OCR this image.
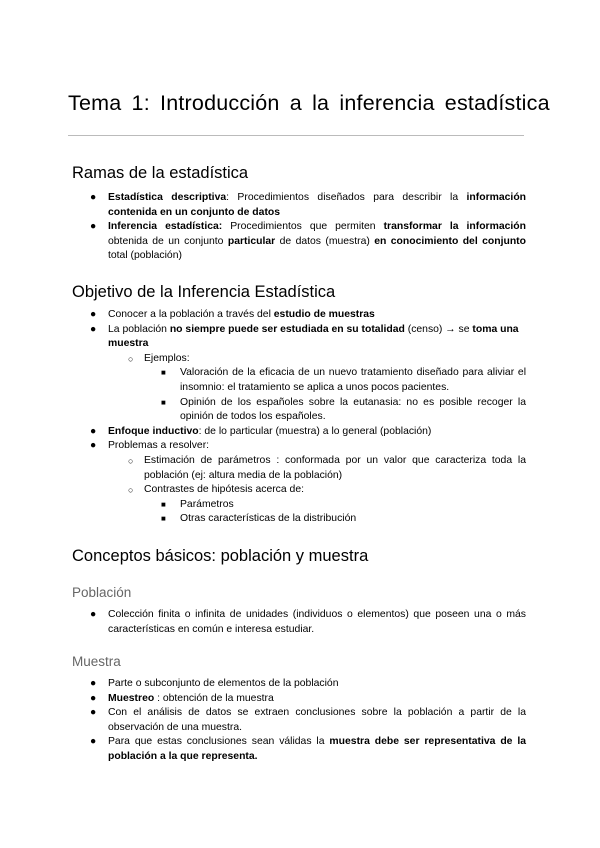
Tema 1: Introducción a la inferencia estadística
Ramas de la estadística
● Estadística descriptiva: Procedimientos diseñados para describir la información contenida en un conjunto de datos
● Inferencia estadística: Procedimientos que permiten transformar la información obtenida de un conjunto particular de datos (muestra) en conocimiento del conjunto total (población)
Objetivo de la Inferencia Estadística
● Conocer a la población a través del estudio de muestras
● La población no siempre puede ser estudiada en su totalidad (censo) → se toma una muestra
○ Ejemplos:
■ Valoración de la eficacia de un nuevo tratamiento diseñado para aliviar el insomnio: el tratamiento se aplica a unos pocos pacientes.
■ Opinión de los españoles sobre la eutanasia: no es posible recoger la opinión de todos los españoles.
● Enfoque inductivo: de lo particular (muestra) a lo general (población)
● Problemas a resolver:
○ Estimación de parámetros : conformada por un valor que caracteriza toda la población (ej: altura media de la población)
○ Contrastes de hipótesis acerca de:
■ Parámetros
■ Otras características de la distribución
Conceptos básicos: población y muestra
Población
● Colección finita o infinita de unidades (individuos o elementos) que poseen una o más características en común e interesa estudiar.
Muestra
● Parte o subconjunto de elementos de la población
● Muestreo : obtención de la muestra
● Con el análisis de datos se extraen conclusiones sobre la población a partir de la observación de una muestra.
● Para que estas conclusiones sean válidas la muestra debe ser representativa de la población a la que representa.
